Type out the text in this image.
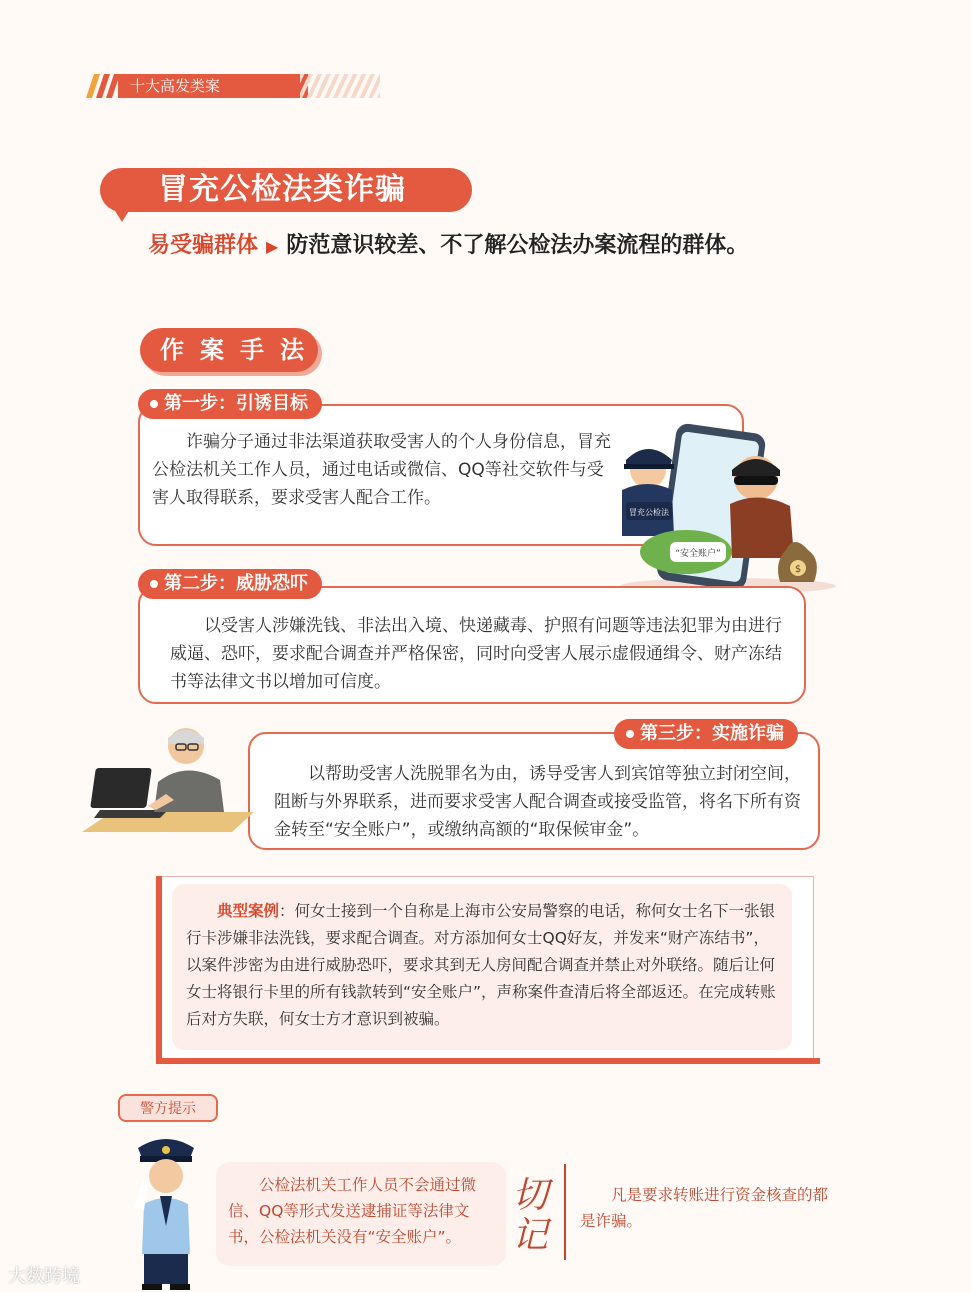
十大高发类案
冒充公检法类诈骗
易受骗群体 ▶ 防范意识较差、不了解公检法办案流程的群体。
作 案 手 法
第一步：引诱目标
诈骗分子通过非法渠道获取受害人的个人身份信息，冒充公检法机关工作人员，通过电话或微信、QQ等社交软件与受害人取得联系，要求受害人配合工作。
冒充公检法
“安全账户”
$
第二步：威胁恐吓
以受害人涉嫌洗钱、非法出入境、快递藏毒、护照有问题等违法犯罪为由进行威逼、恐吓，要求配合调查并严格保密，同时向受害人展示虚假通缉令、财产冻结书等法律文书以增加可信度。
第三步：实施诈骗
以帮助受害人洗脱罪名为由，诱导受害人到宾馆等独立封闭空间，阻断与外界联系，进而要求受害人配合调查或接受监管，将名下所有资金转至“安全账户”，或缴纳高额的“取保候审金”。
典型案例：何女士接到一个自称是上海市公安局警察的电话，称何女士名下一张银行卡涉嫌非法洗钱，要求配合调查。对方添加何女士QQ好友，并发来“财产冻结书”，以案件涉密为由进行威胁恐吓，要求其到无人房间配合调查并禁止对外联络。随后让何女士将银行卡里的所有钱款转到“安全账户”，声称案件查清后将全部返还。在完成转账后对方失联，何女士方才意识到被骗。
警方提示
公检法机关工作人员不会通过微信、QQ等形式发送逮捕证等法律文书，公检法机关没有“安全账户”。
切记
凡是要求转账进行资金核查的都是诈骗。
大数跨境
